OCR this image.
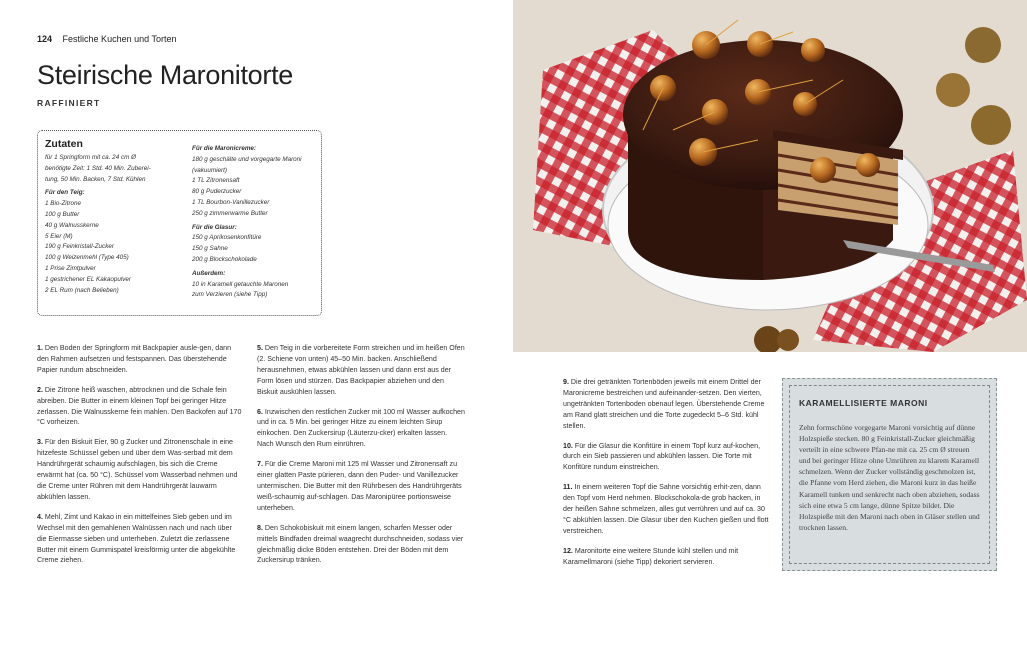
124 Festliche Kuchen und Torten
Steirische Maronitorte
RAFFINIERT
Zutaten
für 1 Springform mit ca. 24 cm Ø
benötigte Zeit: 1 Std. 40 Min. Zuberei-
tung, 50 Min. Backen, 7 Std. Kühlen
Für den Teig:
1 Bio-Zitrone
100 g Butter
40 g Walnusskerne
5 Eier (M)
190 g Feinkristall-Zucker
100 g Weizenmehl (Type 405)
1 Prise Zimtpulver
1 gestrichener EL Kakaopulver
2 EL Rum (nach Belieben)
Für die Maronicreme:
180 g geschälte und vorgegarte Maroni
(vakuumiert)
1 TL Zitronensaft
80 g Puderzucker
1 TL Bourbon-Vanillezucker
250 g zimmerwarme Butter
Für die Glasur:
150 g Aprikosenkonfitüre
150 g Sahne
200 g Blockschokolade
Außerdem:
10 in Karamell getauchte Maronen
zum Verzieren (siehe Tipp)

1. Den Boden der Springform mit Backpapier ausle-gen, dann den Rahmen aufsetzen und festspannen. Das überstehende Papier rundum abschneiden.

2. Die Zitrone heiß waschen, abtrocknen und die Schale fein abreiben. Die Butter in einem kleinen Topf bei geringer Hitze zerlassen. Die Walnusskerne fein mahlen. Den Backofen auf 170 °C vorheizen.

3. Für den Biskuit Eier, 90 g Zucker und Zitronenschale in eine hitzefeste Schüssel geben und über dem Was-serbad mit dem Handrührgerät schaumig aufschlagen, bis sich die Creme erwärmt hat (ca. 50 °C). Schüssel vom Wasserbad nehmen und die Creme unter Rühren mit dem Handrührgerät lauwarm abkühlen lassen.

4. Mehl, Zimt und Kakao in ein mittelfeines Sieb geben und im Wechsel mit den gemahlenen Walnüssen nach und nach über die Eiermasse sieben und unterheben. Zuletzt die zerlassene Butter mit einem Gummispatel kreisförmig unter die abgekühlte Creme ziehen.

5. Den Teig in die vorbereitete Form streichen und im heißen Ofen (2. Schiene von unten) 45–50 Min. backen. Anschließend herausnehmen, etwas abkühlen lassen und dann erst aus der Form lösen und stürzen. Das Backpapier abziehen und den Biskuit auskühlen lassen.

6. Inzwischen den restlichen Zucker mit 100 ml Wasser aufkochen und in ca. 5 Min. bei geringer Hitze zu einem leichten Sirup einkochen. Den Zuckersirup (Läuterzu-cker) erkalten lassen. Nach Wunsch den Rum einrühren.

7. Für die Creme Maroni mit 125 ml Wasser und Zitronensaft zu einer glatten Paste pürieren, dann den Puder- und Vanillezucker untermischen. Die Butter mit den Rührbesen des Handrührgeräts weiß-schaumig auf-schlagen. Das Maronipüree portionsweise unterheben.

8. Den Schokobiskuit mit einem langen, scharfen Messer oder mittels Bindfaden dreimal waagrecht durchschneiden, sodass vier gleichmäßig dicke Böden entstehen. Drei der Böden mit dem Zuckersirup tränken.

9. Die drei getränkten Tortenböden jeweils mit einem Drittel der Maronicreme bestreichen und aufeinander-setzen. Den vierten, ungetränkten Tortenboden obenauf legen. Überstehende Creme am Rand glatt streichen und die Torte zugedeckt 5–6 Std. kühl stellen.

10. Für die Glasur die Konfitüre in einem Topf kurz auf-kochen, durch ein Sieb passieren und abkühlen lassen. Die Torte mit Konfitüre rundum einstreichen.

11. In einem weiteren Topf die Sahne vorsichtig erhit-zen, dann den Topf vom Herd nehmen. Blockschokola-de grob hacken, in der heißen Sahne schmelzen, alles gut verrühren und auf ca. 30 °C abkühlen lassen. Die Glasur über den Kuchen gießen und flott verstreichen.

12. Maronitorte eine weitere Stunde kühl stellen und mit Karamellmaroni (siehe Tipp) dekoriert servieren.

KARAMELLISIERTE MARONI
Zehn formschöne vorgegarte Maroni vorsichtig auf dünne Holzspieße stecken. 80 g Feinkristall-Zucker gleichmäßig verteilt in eine schwere Pfan-ne mit ca. 25 cm Ø streuen und bei geringer Hitze ohne Umrühren zu klarem Karamell schmelzen. Wenn der Zucker vollständig geschmolzen ist, die Pfanne vom Herd ziehen, die Maroni kurz in das heiße Karamell tunken und senkrecht nach oben abziehen, sodass sich eine etwa 5 cm lange, dünne Spitze bildet. Die Holzspieße mit den Maroni nach oben in Gläser stellen und trocknen lassen.
